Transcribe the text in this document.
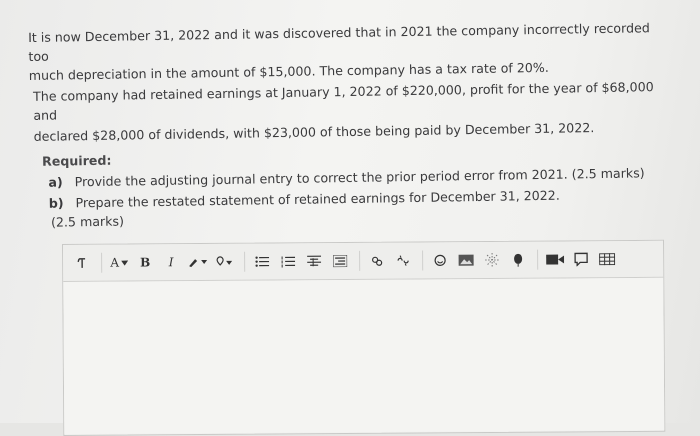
It is now December 31, 2022 and it was discovered that in 2021 the company incorrectly recorded too

much depreciation in the amount of $15,000. The company has a tax rate of 20%.

The company had retained earnings at January 1, 2022 of $220,000, profit for the year of $68,000 and

declared $28,000 of dividends, with $23,000 of those being paid by December 31, 2022.

Required:

a) Provide the adjusting journal entry to correct the prior period error from 2021. (2.5 marks)

b) Prepare the restated statement of retained earnings for December 31, 2022.

(2.5 marks)

A	B	I
